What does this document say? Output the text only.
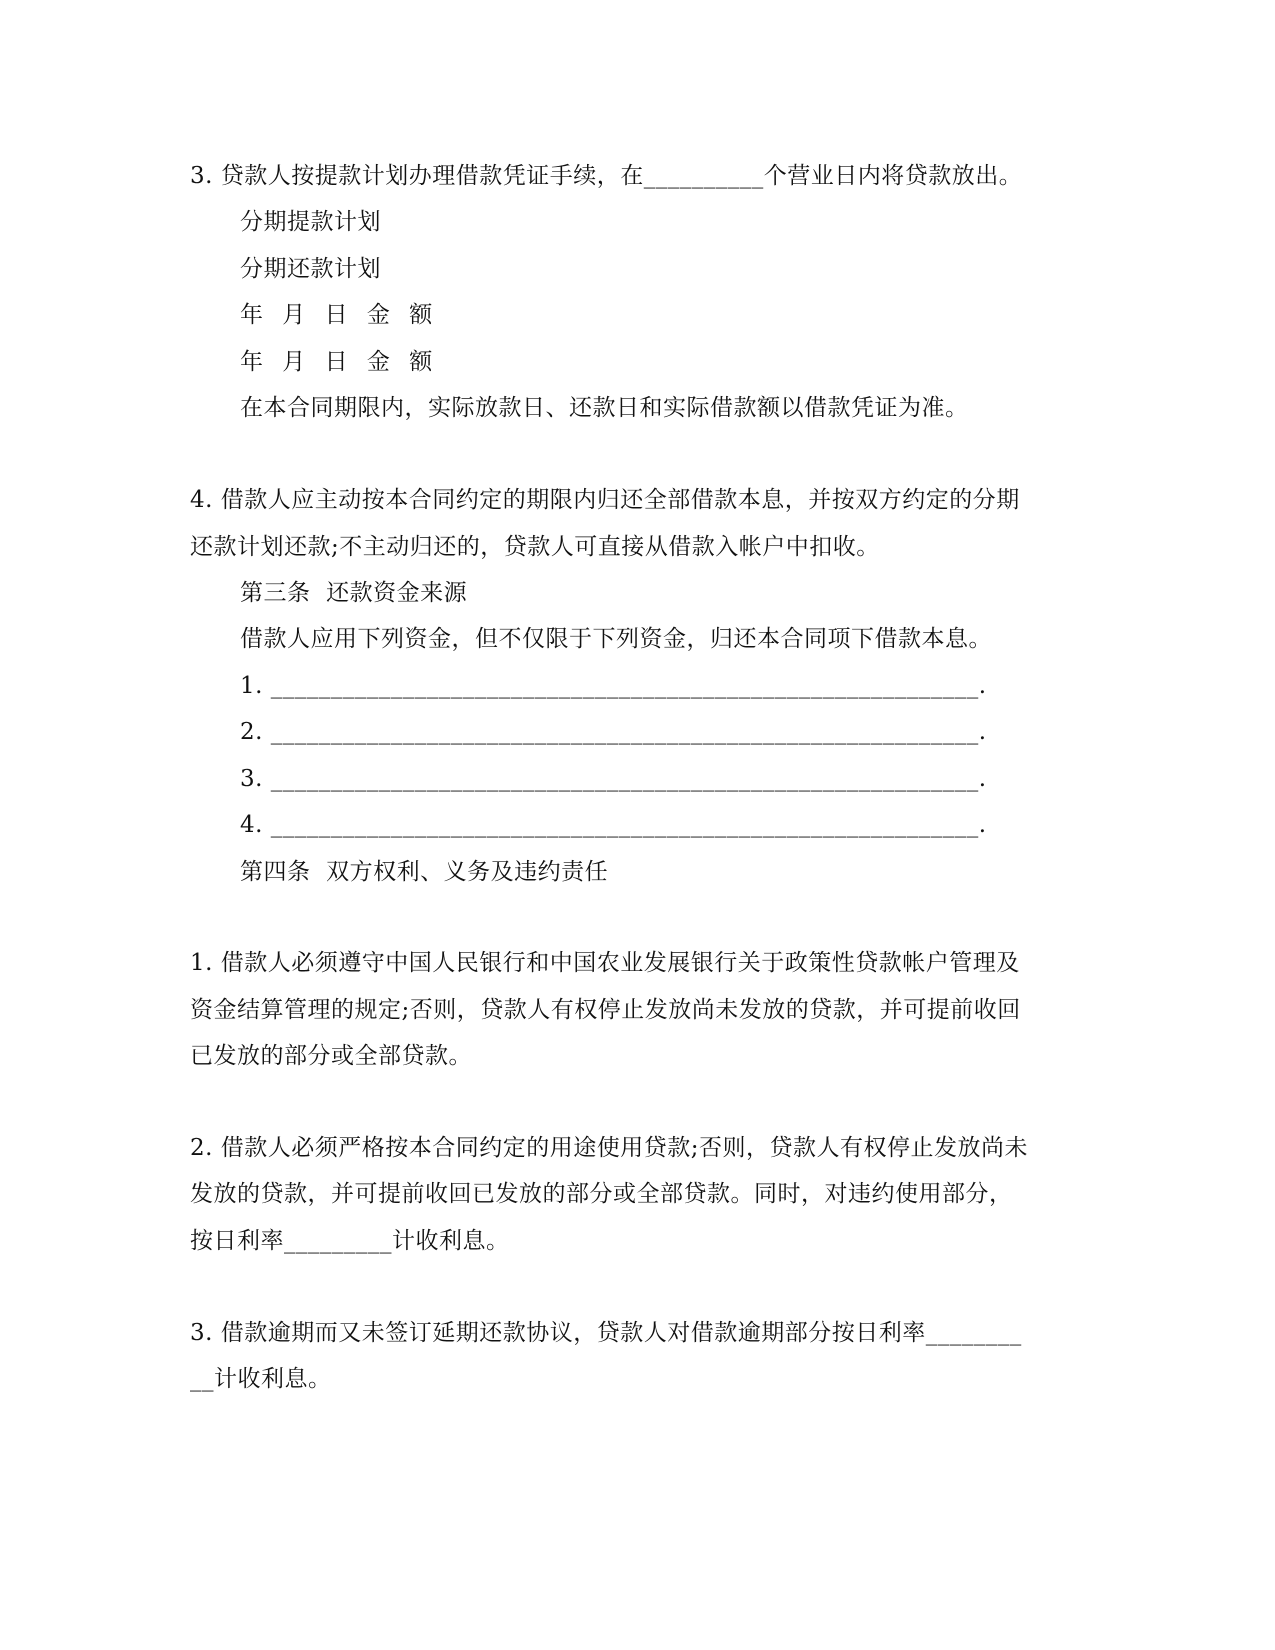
3. 贷款人按提款计划办理借款凭证手续，在__________个营业日内将贷款放出。
分期提款计划
分期还款计划
年 月 日 金 额
年 月 日 金 额
在本合同期限内，实际放款日、还款日和实际借款额以借款凭证为准。
4. 借款人应主动按本合同约定的期限内归还全部借款本息，并按双方约定的分期
还款计划还款;不主动归还的，贷款人可直接从借款入帐户中扣收。
第三条  还款资金来源
借款人应用下列资金，但不仅限于下列资金，归还本合同项下借款本息。
1. ___________________________________________________________.
2. ___________________________________________________________.
3. ___________________________________________________________.
4. ___________________________________________________________.
第四条  双方权利、义务及违约责任
1. 借款人必须遵守中国人民银行和中国农业发展银行关于政策性贷款帐户管理及
资金结算管理的规定;否则，贷款人有权停止发放尚未发放的贷款，并可提前收回
已发放的部分或全部贷款。
2. 借款人必须严格按本合同约定的用途使用贷款;否则，贷款人有权停止发放尚未
发放的贷款，并可提前收回已发放的部分或全部贷款。同时，对违约使用部分，
按日利率_________计收利息。
3. 借款逾期而又未签订延期还款协议，贷款人对借款逾期部分按日利率________
__计收利息。
